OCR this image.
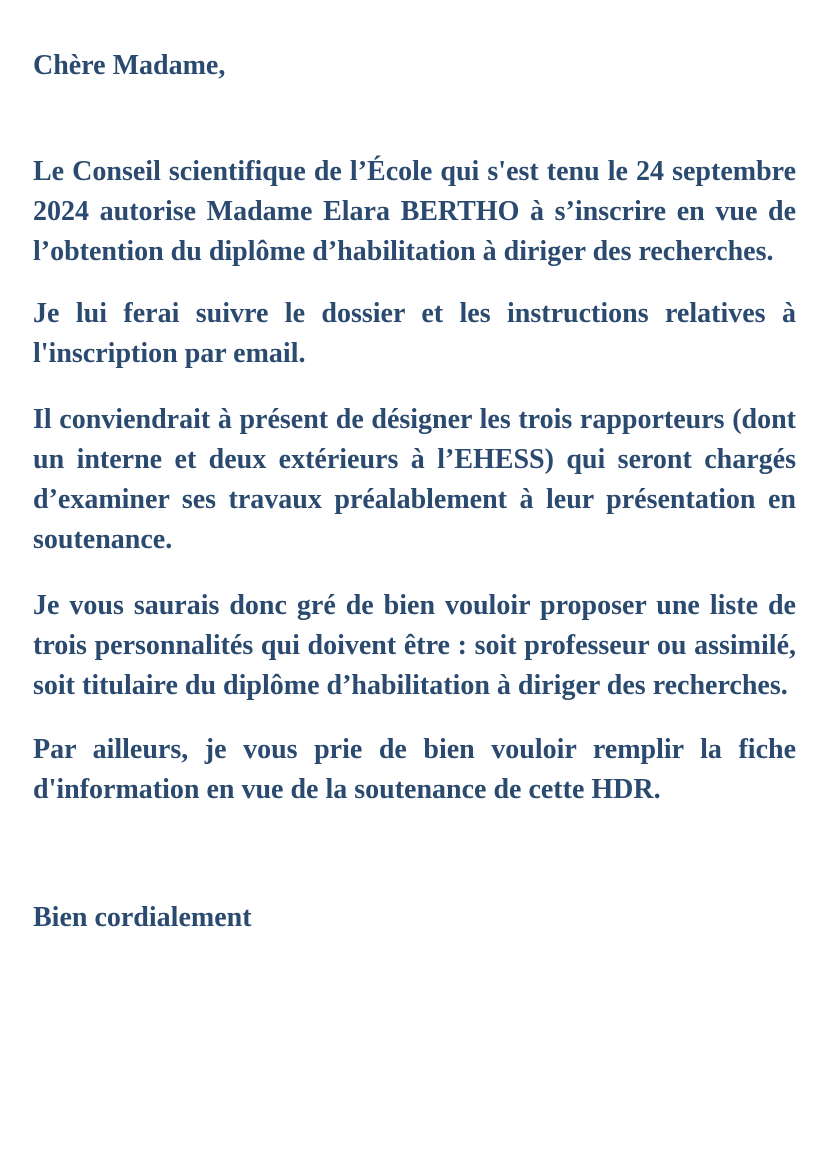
Chère Madame,

Le Conseil scientifique de l’École qui s'est tenu le 24 septembre 2024 autorise Madame Elara BERTHO à s’inscrire en vue de l’obtention du diplôme d’habilitation à diriger des recherches.

Je lui ferai suivre le dossier et les instructions relatives à l'inscription par email.

Il conviendrait à présent de désigner les trois rapporteurs (dont un interne et deux extérieurs à l’EHESS) qui seront chargés d’examiner ses travaux préalablement à leur présentation en soutenance.

Je vous saurais donc gré de bien vouloir proposer une liste de trois personnalités qui doivent être : soit professeur ou assimilé, soit titulaire du diplôme d’habilitation à diriger des recherches.

Par ailleurs, je vous prie de bien vouloir remplir la fiche d'information en vue de la soutenance de cette HDR.

Bien cordialement
